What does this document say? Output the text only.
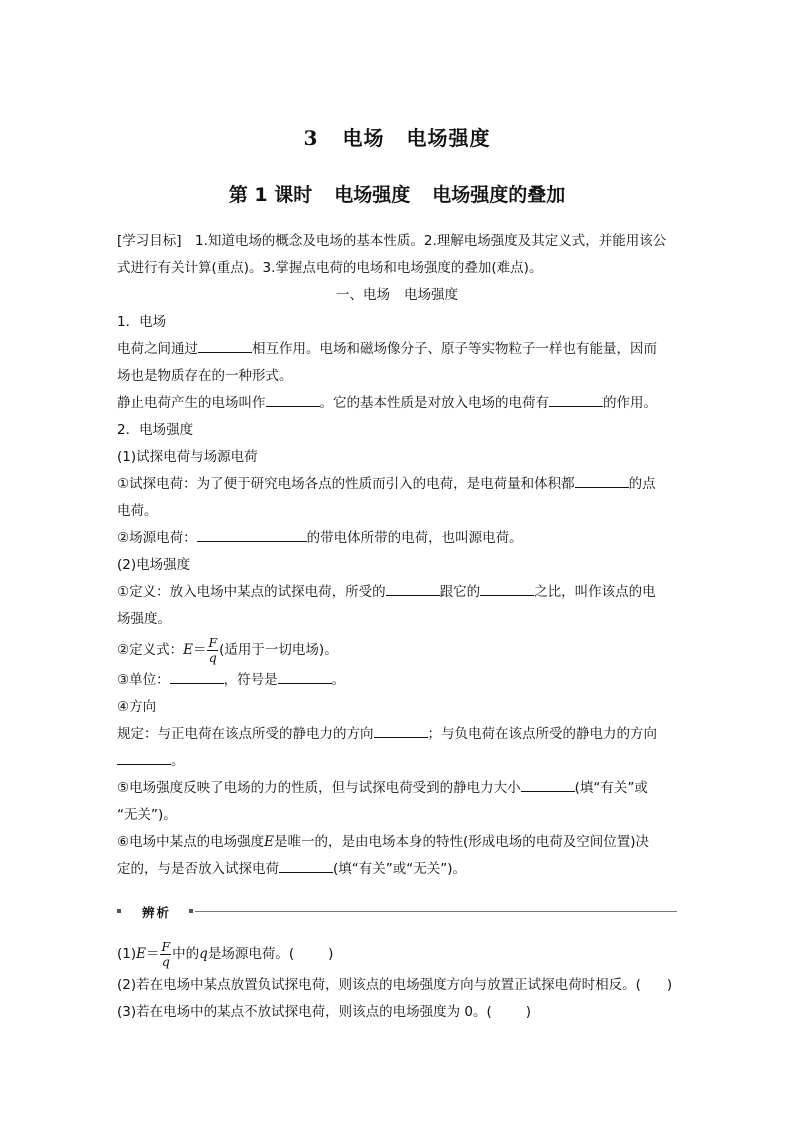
3 电场 电场强度
第 1 课时 电场强度 电场强度的叠加
[学习目标]　1.知道电场的概念及电场的基本性质。2.理解电场强度及其定义式，并能用该公
式进行有关计算(重点)。3.掌握点电荷的电场和电场强度的叠加(难点)。
一、电场 电场强度
1．电场
电荷之间通过	相互作用。电场和磁场像分子、原子等实物粒子一样也有能量，因而
场也是物质存在的一种形式。
静止电荷产生的电场叫作	。它的基本性质是对放入电场的电荷有	的作用。
2．电场强度
(1)试探电荷与场源电荷
①试探电荷：为了便于研究电场各点的性质而引入的电荷，是电荷量和体积都	的点
电荷。
②场源电荷：	的带电体所带的电荷，也叫源电荷。
(2)电场强度
①定义：放入电场中某点的试探电荷，所受的	跟它的	之比，叫作该点的电
场强度。
②定义式：$E= \frac{F}{q}$ (适用于一切电场)。
③单位：	，符号是	。
④方向
规定：与正电荷在该点所受的静电力的方向	；与负电荷在该点所受的静电力的方向
。
⑤电场强度反映了电场的力的性质，但与试探电荷受到的静电力大小	(填“有关”或
“无关”)。
⑥电场中某点的电场强度E是唯一的，是由电场本身的特性(形成电场的电荷及空间位置)决
定的，与是否放入试探电荷	(填“有关”或“无关”)。
辨析
$(1)E= \frac{F}{q}$ 中的q是场源电荷。(	)
(2)若在电场中某点放置负试探电荷，则该点的电场强度方向与放置正试探电荷时相反。( )
(3)若在电场中的某点不放试探电荷，则该点的电场强度为 0。(	)
